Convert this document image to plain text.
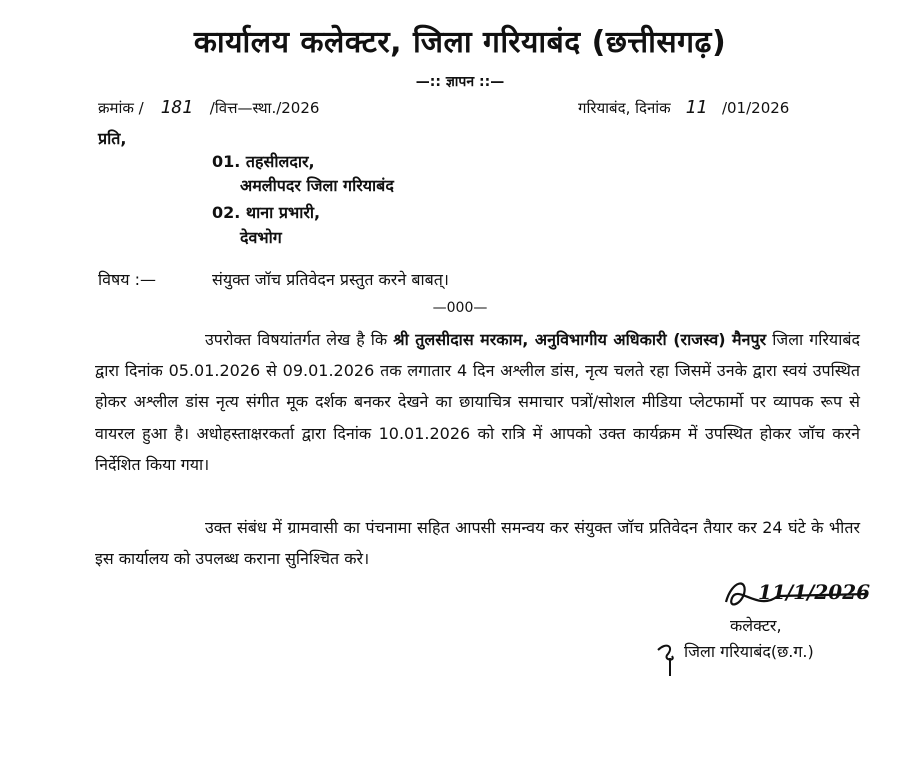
कार्यालय कलेक्टर, जिला गरियाबंद (छत्तीसगढ़)
—:: ज्ञापन ::—
क्रमांक / 181 /वित्त—स्था./2026	गरियाबंद, दिनांक 11 /01/2026
प्रति,
01. तहसीलदार,
अमलीपदर जिला गरियाबंद
02. थाना प्रभारी,
देवभोग
विषय :—	संयुक्त जॉच प्रतिवेदन प्रस्तुत करने बाबत्।
—000—
उपरोक्त विषयांतर्गत लेख है कि श्री तुलसीदास मरकाम, अनुविभागीय अधिकारी (राजस्व) मैनपुर जिला गरियाबंद द्वारा दिनांक 05.01.2026 से 09.01.2026 तक लगातार 4 दिन अश्लील डांस, नृत्य चलते रहा जिसमें उनके द्वारा स्वयं उपस्थित होकर अश्लील डांस नृत्य संगीत मूक दर्शक बनकर देखने का छायाचित्र समाचार पत्रों/सोशल मीडिया प्लेटफार्मो पर व्यापक रूप से वायरल हुआ है। अधोहस्ताक्षरकर्ता द्वारा दिनांक 10.01.2026 को रात्रि में आपको उक्त कार्यक्रम में उपस्थित होकर जॉच करने निर्देशित किया गया।
उक्त संबंध में ग्रामवासी का पंचनामा सहित आपसी समन्वय कर संयुक्त जॉच प्रतिवेदन तैयार कर 24 घंटे के भीतर इस कार्यालय को उपलब्ध कराना सुनिश्चित करे।
11/1/2026
कलेक्टर,
जिला गरियाबंद(छ.ग.)
